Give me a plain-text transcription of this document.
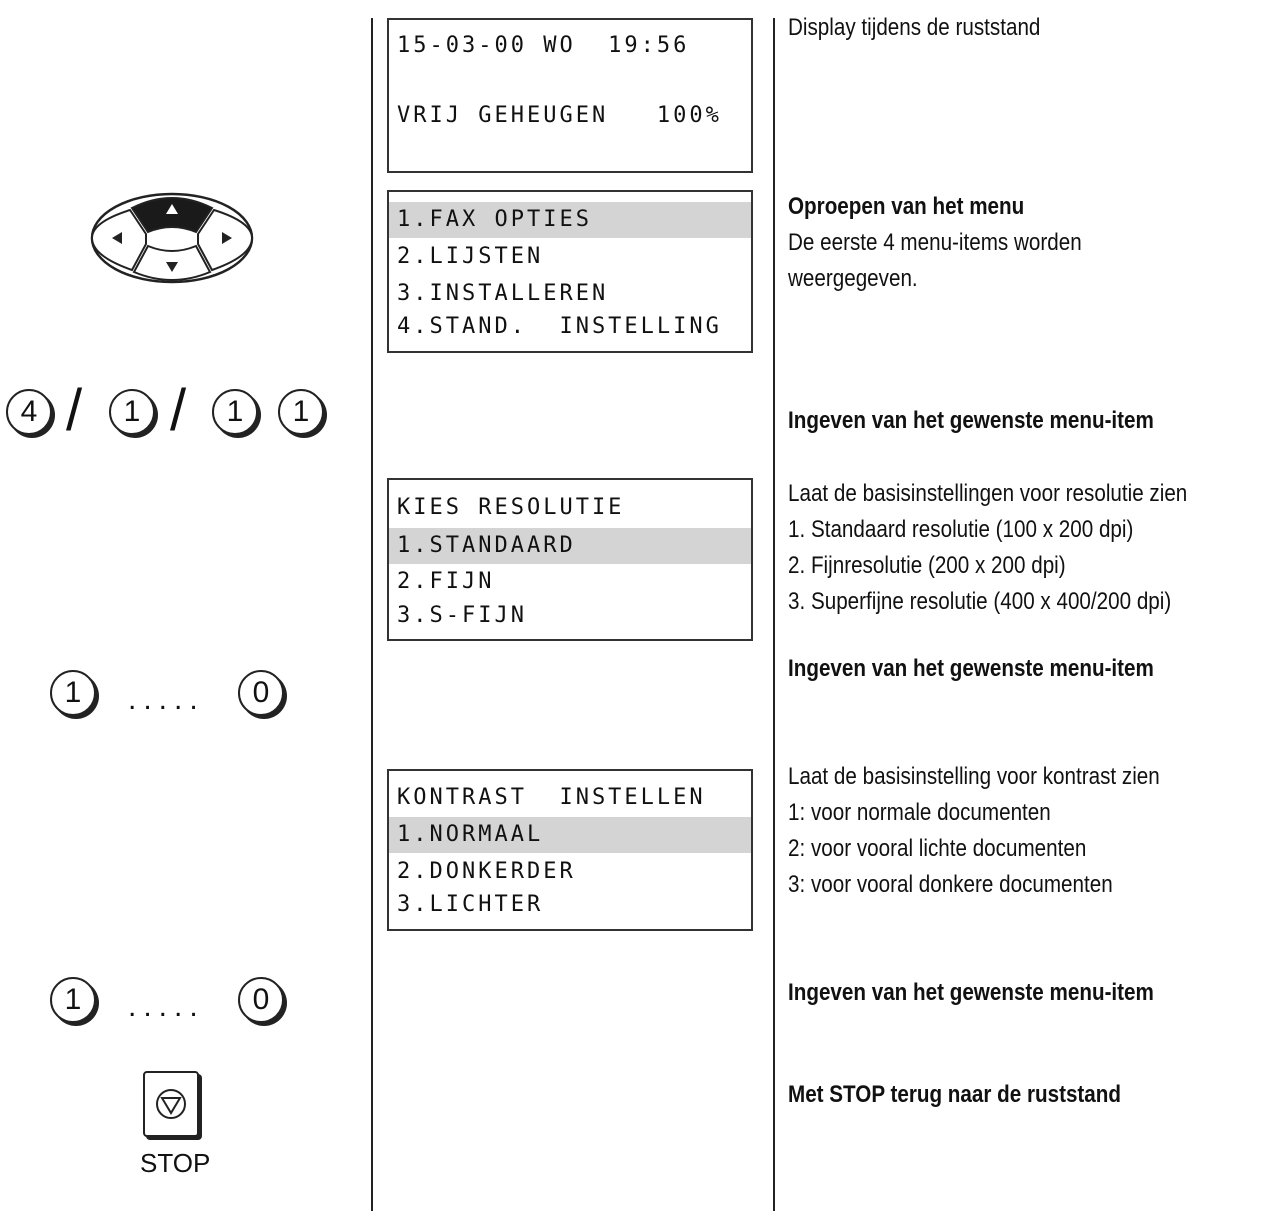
4 /	1 /	1	1
1	.....	0
1	.....	0
STOP
15-03-00 WO  19:56
VRIJ GEHEUGEN   100%
1.FAX OPTIES
2.LIJSTEN
3.INSTALLEREN
4.STAND.  INSTELLING
KIES RESOLUTIE
1.STANDAARD
2.FIJN
3.S-FIJN
KONTRAST  INSTELLEN
1.NORMAAL
2.DONKERDER
3.LICHTER
Display tijdens de ruststand
Oproepen van het menu
De eerste 4 menu-items worden
weergegeven.
Ingeven van het gewenste menu-item
Laat de basisinstellingen voor resolutie zien
1. Standaard resolutie (100 x 200 dpi)
2. Fijnresolutie (200 x 200 dpi)
3. Superfijne resolutie (400 x 400/200 dpi)
Ingeven van het gewenste menu-item
Laat de basisinstelling voor kontrast zien
1: voor normale documenten
2: voor vooral lichte documenten
3: voor vooral donkere documenten
Ingeven van het gewenste menu-item
Met STOP terug naar de ruststand
